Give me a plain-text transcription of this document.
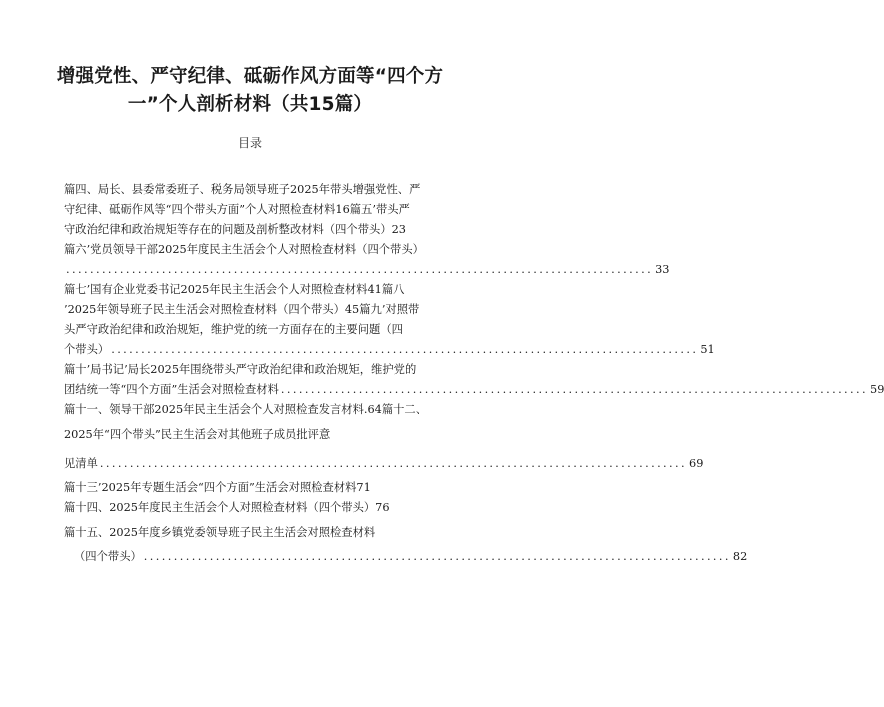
增强党性、严守纪律、砥砺作风方面等“四个方
一”个人剖析材料（共15篇）
目录
篇四、局长、县委常委班子、税务局领导班子2025年带头增强党性、严
守纪律、砥砺作风等“四个带头方面”个人对照检查材料16篇五’带头严
守政治纪律和政治规矩等存在的问题及剖析整改材料（四个带头）23
篇六’党员领导干部2025年度民主生活会个人对照检查材料（四个带头）
.................................................................................................. 33
篇七’国有企业党委书记2025年民主生活会个人对照检查材料41篇八
’2025年领导班子民主生活会对照检查材料（四个带头）45篇九’对照带
头严守政治纪律和政治规矩，维护党的统一方面存在的主要问题（四
个带头） .................................................................................................. 51
篇十’局书记’局长2025年围绕带头严守政治纪律和政治规矩，维护党的
团结统一等“四个方面”生活会对照检查材料 .................................................................................................. 59
篇十一、领导干部2025年民主生活会个人对照检查发言材料.64篇十二、
2025年“四个带头”民主生活会对其他班子成员批评意
见清单 .................................................................................................. 69
篇十三’2025年专题生活会“四个方面”生活会对照检查材料71
篇十四、2025年度民主生活会个人对照检查材料（四个带头）76
篇十五、2025年度乡镇党委领导班子民主生活会对照检查材料
（四个带头） .................................................................................................. 82
